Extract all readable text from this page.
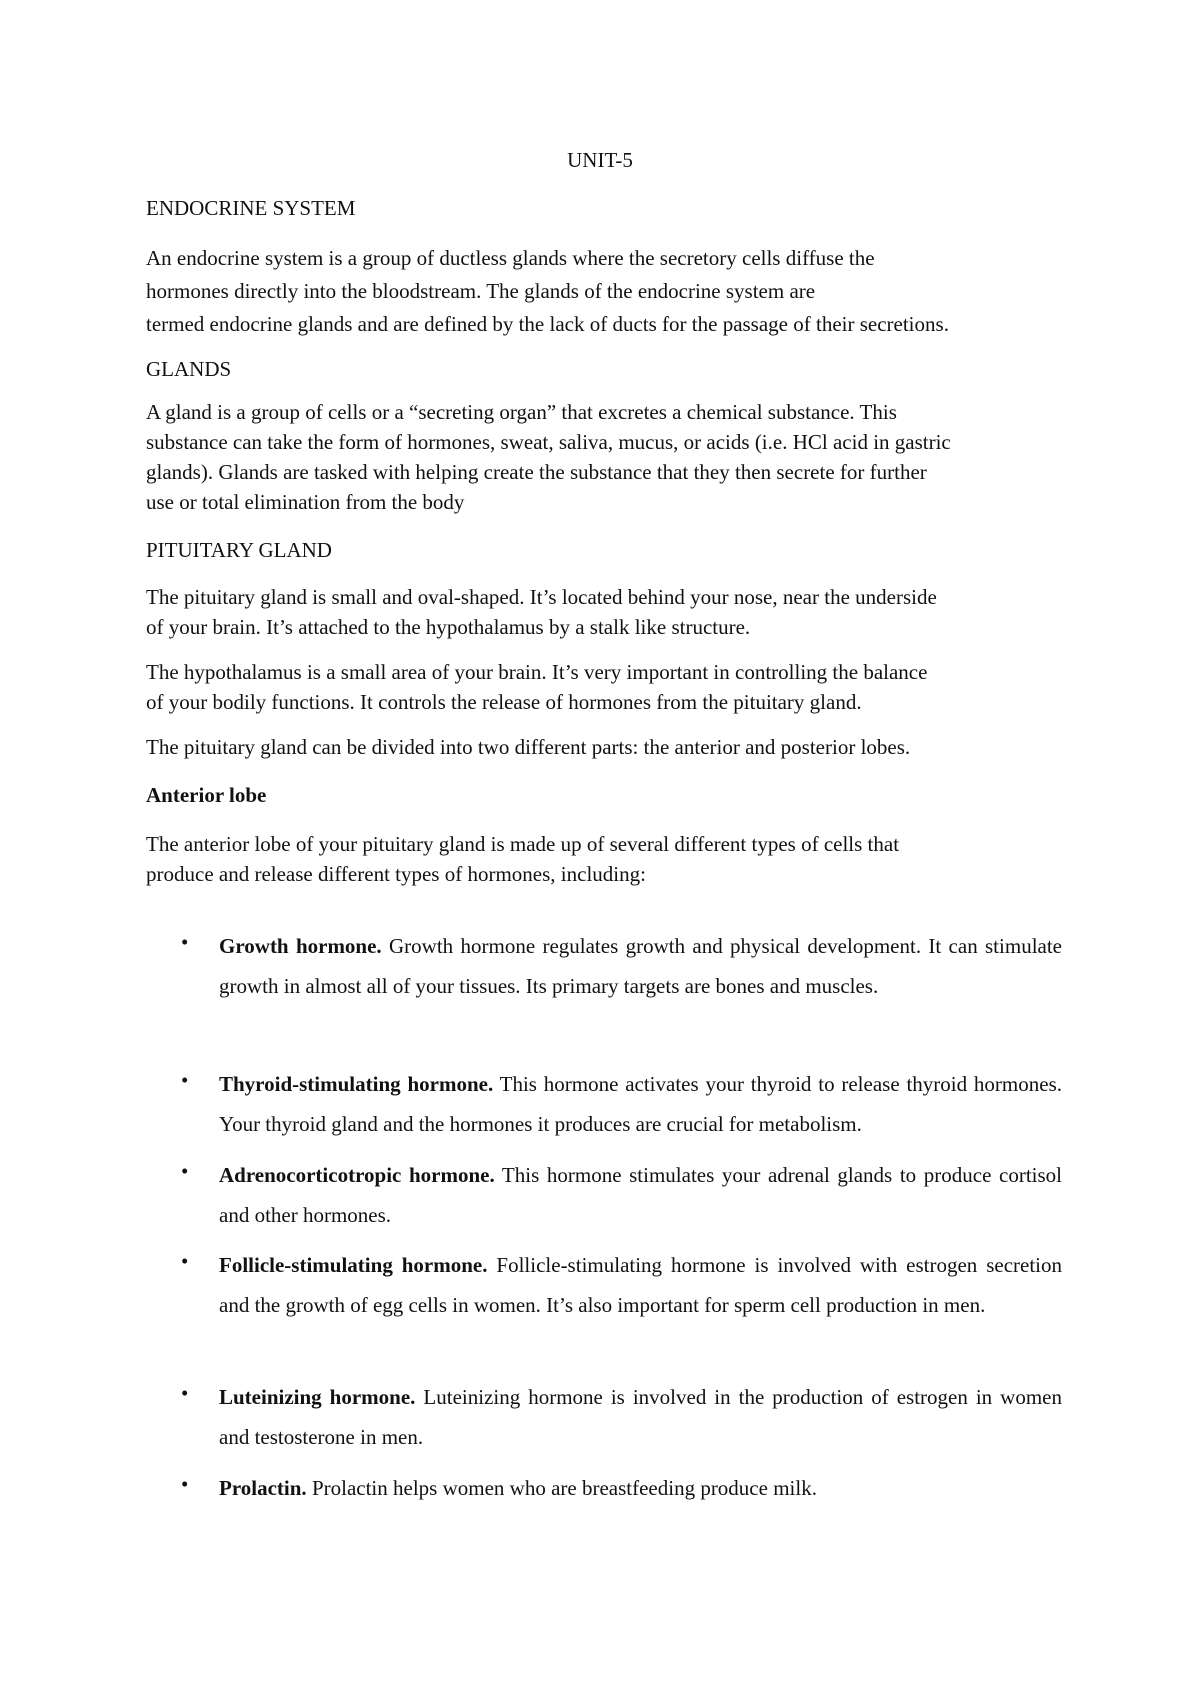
UNIT-5
ENDOCRINE SYSTEM
An endocrine system is a group of ductless glands where the secretory cells diffuse the
hormones directly into the bloodstream. The glands of the endocrine system are
termed endocrine glands and are defined by the lack of ducts for the passage of their secretions.
GLANDS
A gland is a group of cells or a “secreting organ” that excretes a chemical substance. This
substance can take the form of hormones, sweat, saliva, mucus, or acids (i.e. HCl acid in gastric
glands). Glands are tasked with helping create the substance that they then secrete for further
use or total elimination from the body
PITUITARY GLAND
The pituitary gland is small and oval-shaped. It’s located behind your nose, near the underside
of your brain. It’s attached to the hypothalamus by a stalk like structure.
The hypothalamus is a small area of your brain. It’s very important in controlling the balance
of your bodily functions. It controls the release of hormones from the pituitary gland.
The pituitary gland can be divided into two different parts: the anterior and posterior lobes.
Anterior lobe
The anterior lobe of your pituitary gland is made up of several different types of cells that
produce and release different types of hormones, including:
• Growth hormone. Growth hormone regulates growth and physical development. It can stimulate growth in almost all of your tissues. Its primary targets are bones and muscles.
• Thyroid-stimulating hormone. This hormone activates your thyroid to release thyroid hormones. Your thyroid gland and the hormones it produces are crucial for metabolism.
• Adrenocorticotropic hormone. This hormone stimulates your adrenal glands to produce cortisol and other hormones.
• Follicle-stimulating hormone. Follicle-stimulating hormone is involved with estrogen secretion and the growth of egg cells in women. It’s also important for sperm cell production in men.
• Luteinizing hormone. Luteinizing hormone is involved in the production of estrogen in women and testosterone in men.
• Prolactin. Prolactin helps women who are breastfeeding produce milk.
